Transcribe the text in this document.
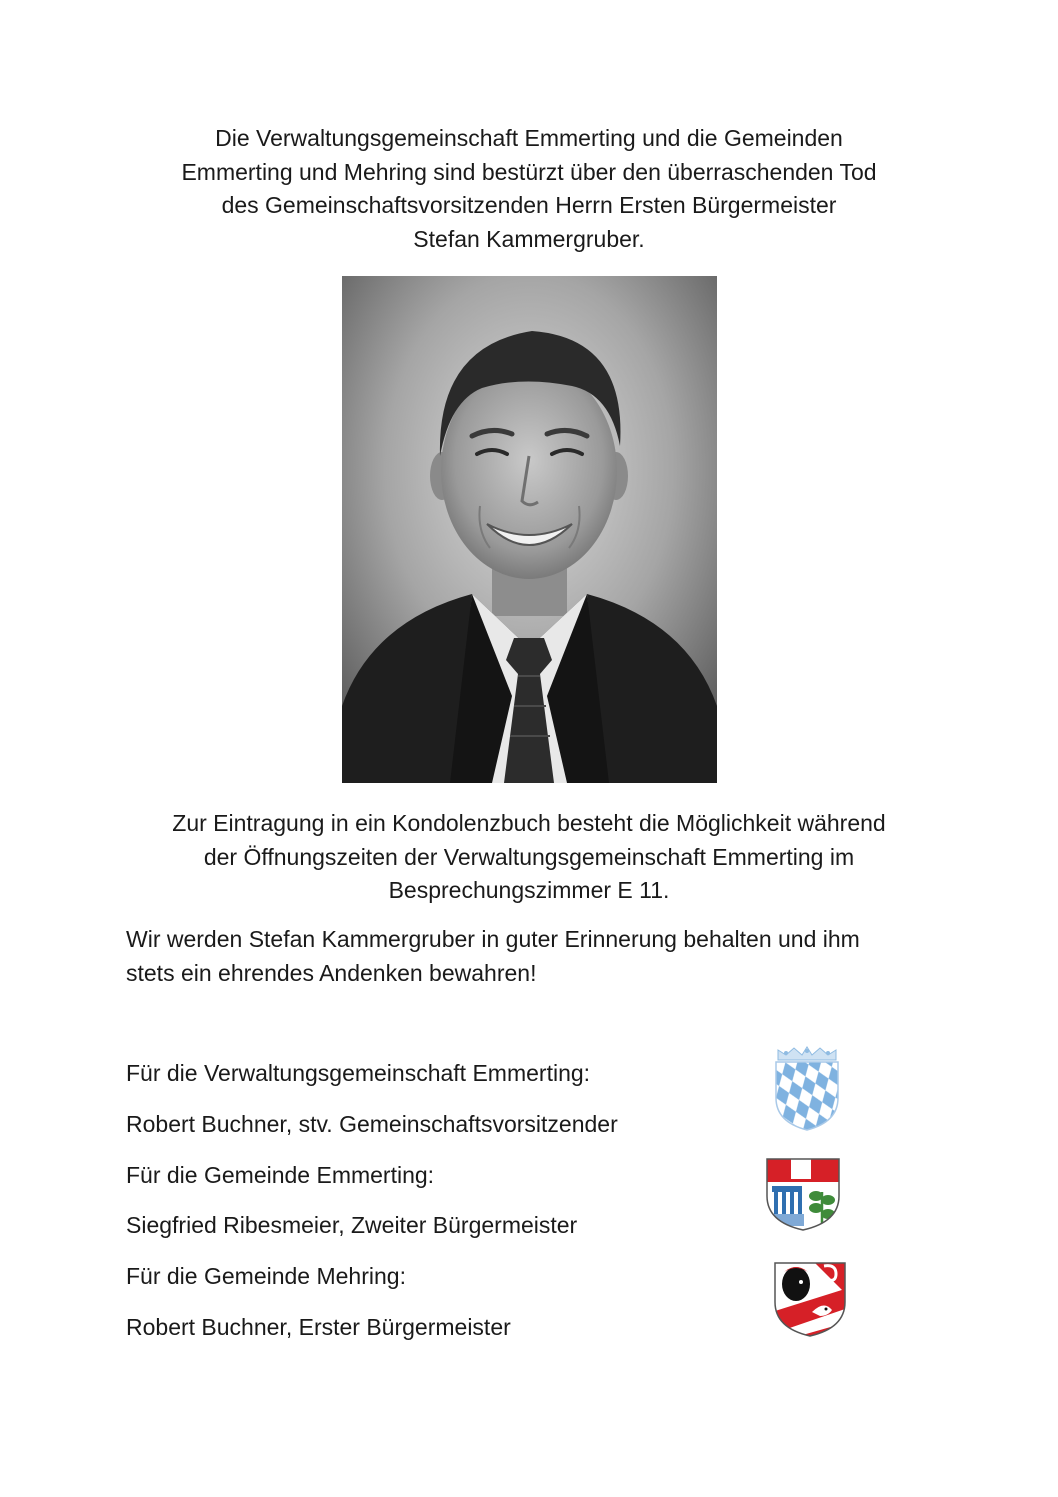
Die Verwaltungsgemeinschaft Emmerting und die Gemeinden
Emmerting und Mehring sind bestürzt über den überraschenden Tod
des Gemeinschaftsvorsitzenden Herrn Ersten Bürgermeister
Stefan Kammergruber.
Zur Eintragung in ein Kondolenzbuch besteht die Möglichkeit während
der Öffnungszeiten der Verwaltungsgemeinschaft Emmerting im
Besprechungszimmer E 11.
Wir werden Stefan Kammergruber in guter Erinnerung behalten und ihm
stets ein ehrendes Andenken bewahren!
Für die Verwaltungsgemeinschaft Emmerting:
Robert Buchner, stv. Gemeinschaftsvorsitzender
Für die Gemeinde Emmerting:
Siegfried Ribesmeier, Zweiter Bürgermeister
Für die Gemeinde Mehring:
Robert Buchner, Erster Bürgermeister
